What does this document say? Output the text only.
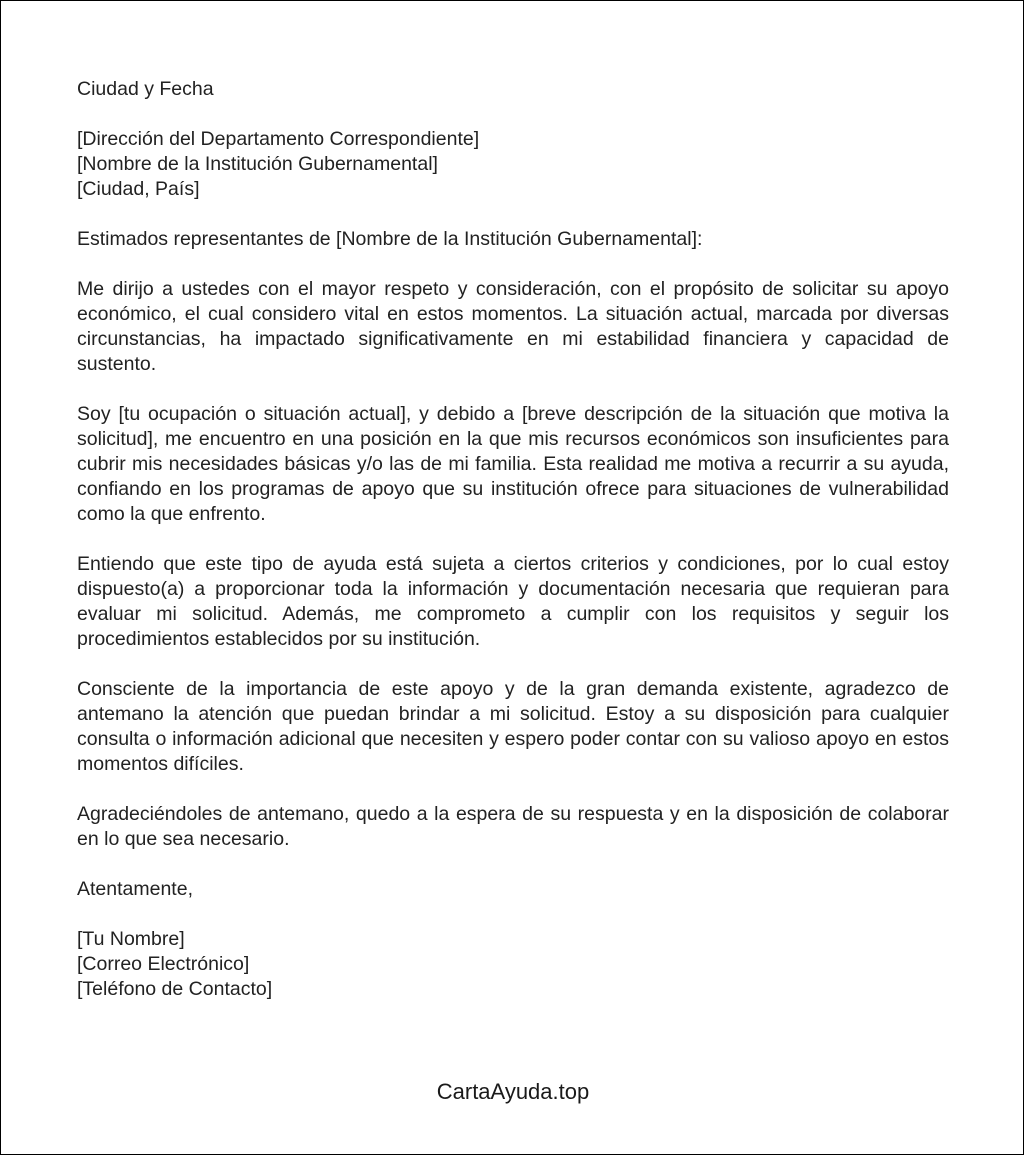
Ciudad y Fecha
[Dirección del Departamento Correspondiente]
[Nombre de la Institución Gubernamental]
[Ciudad, País]
Estimados representantes de [Nombre de la Institución Gubernamental]:

Me dirijo a ustedes con el mayor respeto y consideración, con el propósito de solicitar su apoyo económico, el cual considero vital en estos momentos. La situación actual, marcada por diversas circunstancias, ha impactado significativamente en mi estabilidad financiera y capacidad de sustento.

Soy [tu ocupación o situación actual], y debido a [breve descripción de la situación que motiva la solicitud], me encuentro en una posición en la que mis recursos económicos son insuficientes para cubrir mis necesidades básicas y/o las de mi familia. Esta realidad me motiva a recurrir a su ayuda, confiando en los programas de apoyo que su institución ofrece para situaciones de vulnerabilidad como la que enfrento.

Entiendo que este tipo de ayuda está sujeta a ciertos criterios y condiciones, por lo cual estoy dispuesto(a) a proporcionar toda la información y documentación necesaria que requieran para evaluar mi solicitud. Además, me comprometo a cumplir con los requisitos y seguir los procedimientos establecidos por su institución.

Consciente de la importancia de este apoyo y de la gran demanda existente, agradezco de antemano la atención que puedan brindar a mi solicitud. Estoy a su disposición para cualquier consulta o información adicional que necesiten y espero poder contar con su valioso apoyo en estos momentos difíciles.

Agradeciéndoles de antemano, quedo a la espera de su respuesta y en la disposición de colaborar en lo que sea necesario.

Atentamente,
[Tu Nombre]
[Correo Electrónico]
[Teléfono de Contacto]
CartaAyuda.top
